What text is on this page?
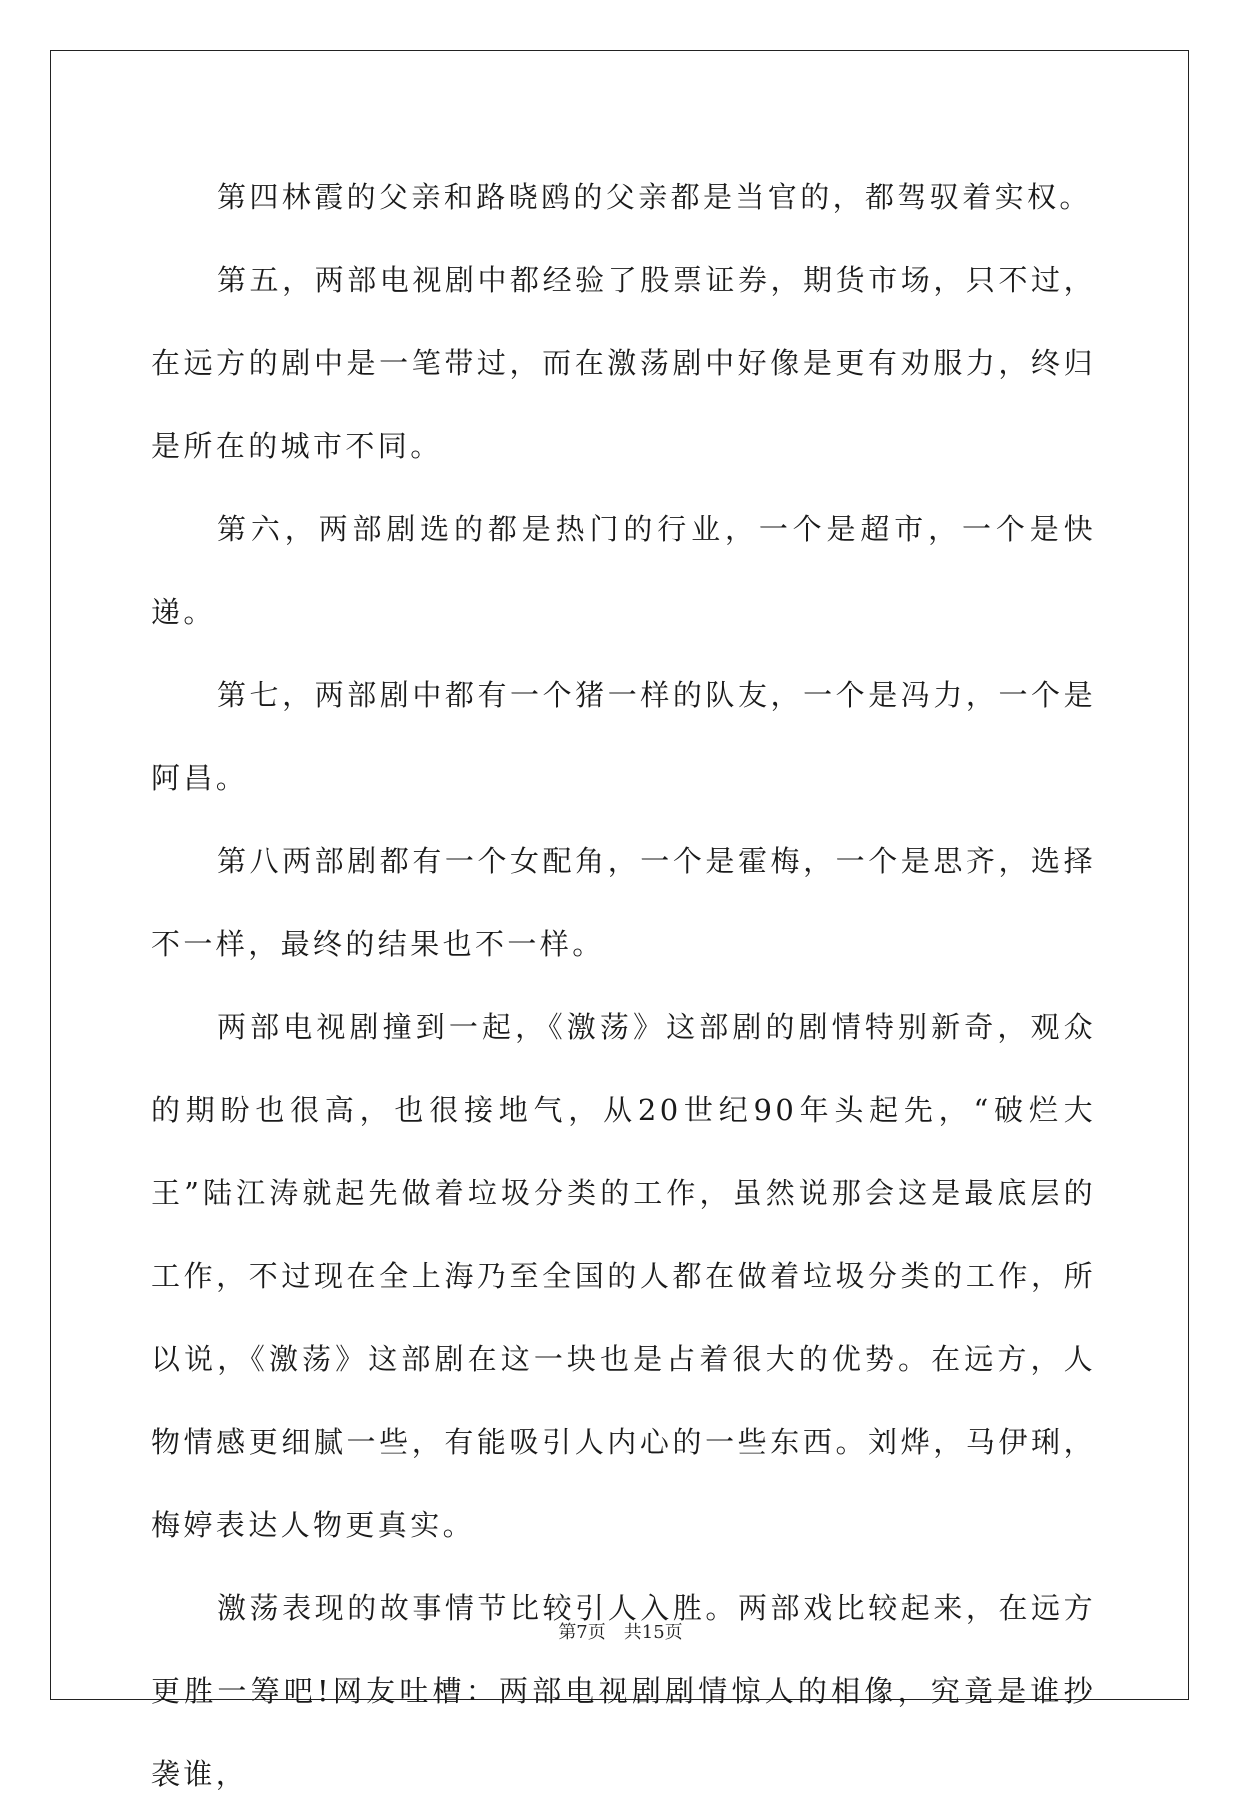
第四林霞的父亲和路晓鸥的父亲都是当官的，都驾驭着实权。

第五，两部电视剧中都经验了股票证券，期货市场，只不过，在远方的剧中是一笔带过，而在激荡剧中好像是更有劝服力，终归是所在的城市不同。

第六，两部剧选的都是热门的行业，一个是超市，一个是快递。

第七，两部剧中都有一个猪一样的队友，一个是冯力，一个是阿昌。

第八两部剧都有一个女配角，一个是霍梅，一个是思齐，选择不一样，最终的结果也不一样。

两部电视剧撞到一起，《激荡》这部剧的剧情特别新奇，观众的期盼也很高，也很接地气，从20世纪90年头起先，“破烂大王”陆江涛就起先做着垃圾分类的工作，虽然说那会这是最底层的工作，不过现在全上海乃至全国的人都在做着垃圾分类的工作，所以说，《激荡》这部剧在这一块也是占着很大的优势。在远方，人物情感更细腻一些，有能吸引人内心的一些东西。刘烨，马伊琍，梅婷表达人物更真实。

激荡表现的故事情节比较引人入胜。两部戏比较起来，在远方更胜一筹吧!网友吐槽：两部电视剧剧情惊人的相像，究竟是谁抄袭谁，

第7页 共15页
